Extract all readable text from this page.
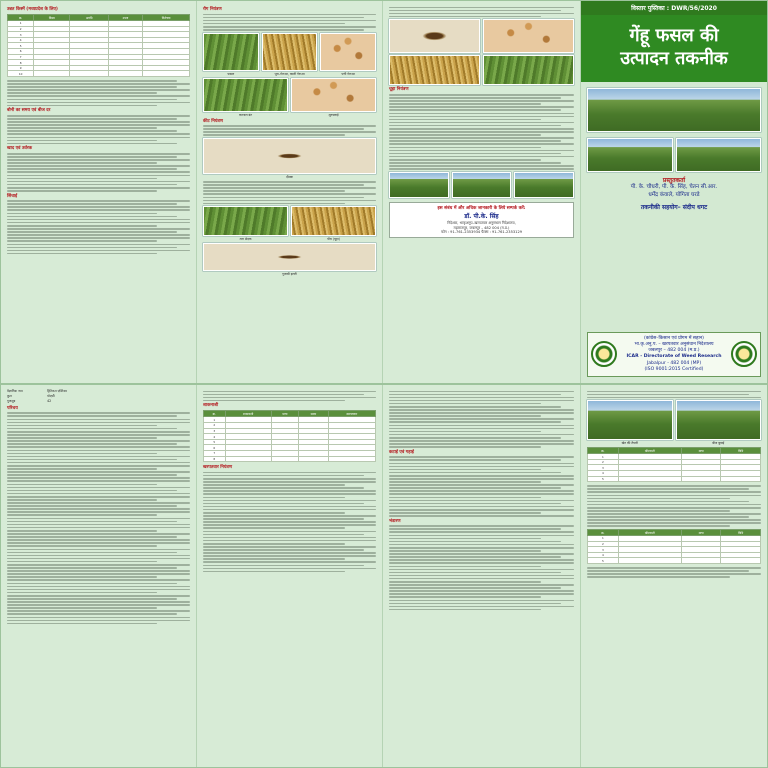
उन्नत किस्में (मध्यप्रदेश के लिए)
क्र.	किस्म	अवधि	उपज	विशेषता
1				
2				
3				
4				
5				
6				
7				
8				
9				
10				
बोनी का समय एवं बीज दर
खाद एवं उर्वरक
सिंचाई
रोग नियंत्रण
फसल	भूरा–गेरूआ, काली गेरूआ	पत्ती गेरूआ
करनाल बंट	शूटफ्लाई
कीट नियंत्रण
दीमक
तना छेदक	पौध (चूहा)
गुलाबी इल्ली
चूहा नियंत्रण
इस संबंध में और अधिक जानकारी के लिये सम्पर्क करें:
डॉ. पी.के. सिंह
निदेशक, भाकृअनुप–खरपतवार अनुसंधान निदेशालय,
महाराजपुर, जबलपुर – 482 004 (म.प्र.)
फोन : 91-761-2353934 फैक्स : 91-761-2353129
विस्तार पुस्तिका : DWR/56/2020
गेंहू फसल की
उत्पादन तकनीक
प्रस्तुतकर्ता
पी. के. चौधरी, पी. के. सिंह, चेतन सी.आर.
धर्मेंद्र कंवाले, योगिता घरडे
तकनीकी सहयोग– संदीप धगट
(कांग्रेस–किसान एवं प्रोगम में सहान)
भा.कृ.अनु.प. – खरपतवार अनुसंधान निदेशालय
जबलपुर – 482 004 (म.प्र.)
ICAR - Directorate of Weed Research
Jabalpur - 482 004 (MP)
(ISO 9001:2015 Certified)
वैज्ञानिक नाम	ट्रिटिकम एस्टिवम
कुल	पोएसी
गुणसूत्र	42
परिचय	शाकनाशी
क्र.	शाकनाशी	मात्रा	समय	खरपतवार
1				
2				
3				
4				
5				
6				
7				
8				
खरपतवार नियंत्रण
कटाई एवं गहाई
भंडारण
खेत की तैयारी	बीज बुवाई
क्र.	कीटनाशी	मात्रा	विधि
1			
2			
3			
4			
5			
क्र.	कीटनाशी	मात्रा	विधि
1			
2			
3			
4			
5			
